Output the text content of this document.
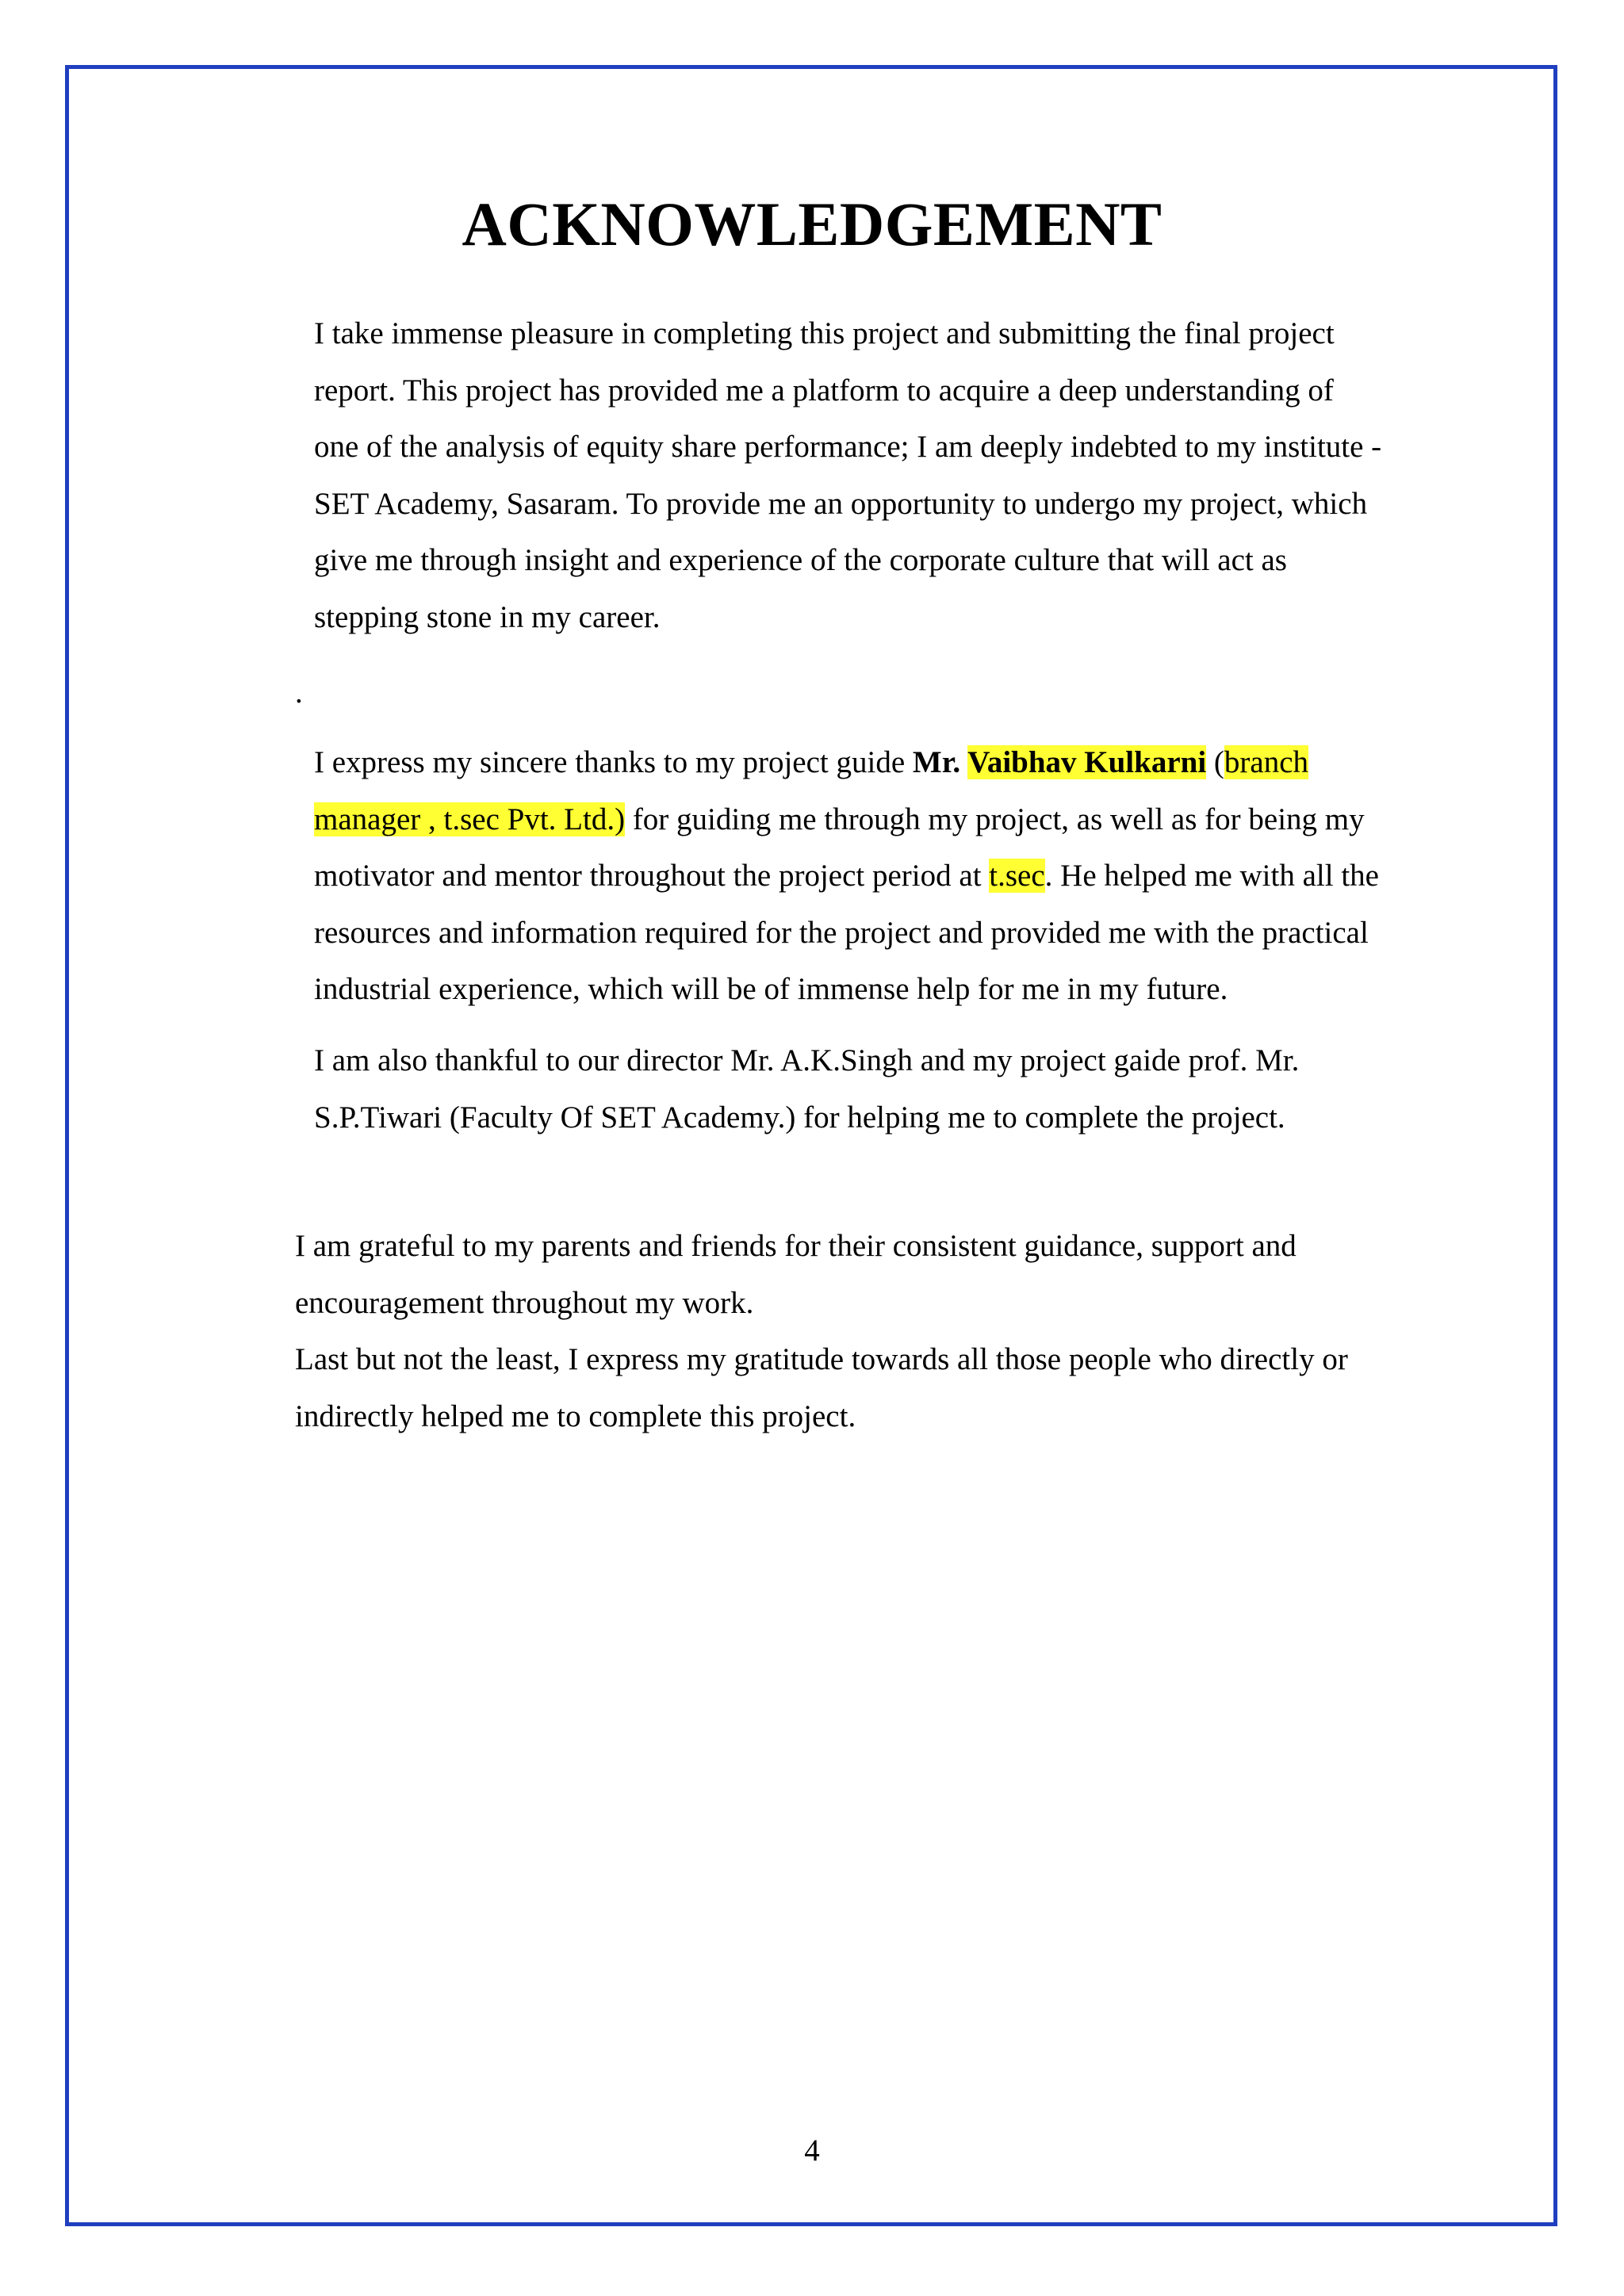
ACKNOWLEDGEMENT
I take immense pleasure in completing this project and submitting the final project
report. This project has provided me a platform to acquire a deep understanding of
one of the analysis of equity share performance; I am deeply indebted to my institute -
SET Academy, Sasaram. To provide me an opportunity to undergo my project, which
give me through insight and experience of the corporate culture that will act as
stepping stone in my career.
.
I express my sincere thanks to my project guide Mr. Vaibhav Kulkarni (branch
manager , t.sec Pvt. Ltd.) for guiding me through my project, as well as for being my
motivator and mentor throughout the project period at t.sec. He helped me with all the
resources and information required for the project and provided me with the practical
industrial experience, which will be of immense help for me in my future.
I am also thankful to our director Mr. A.K.Singh and my project gaide prof. Mr.
S.P.Tiwari (Faculty Of SET Academy.) for helping me to complete the project.
I am grateful to my parents and friends for their consistent guidance, support and
encouragement throughout my work.
Last but not the least, I express my gratitude towards all those people who directly or
indirectly helped me to complete this project.
4
